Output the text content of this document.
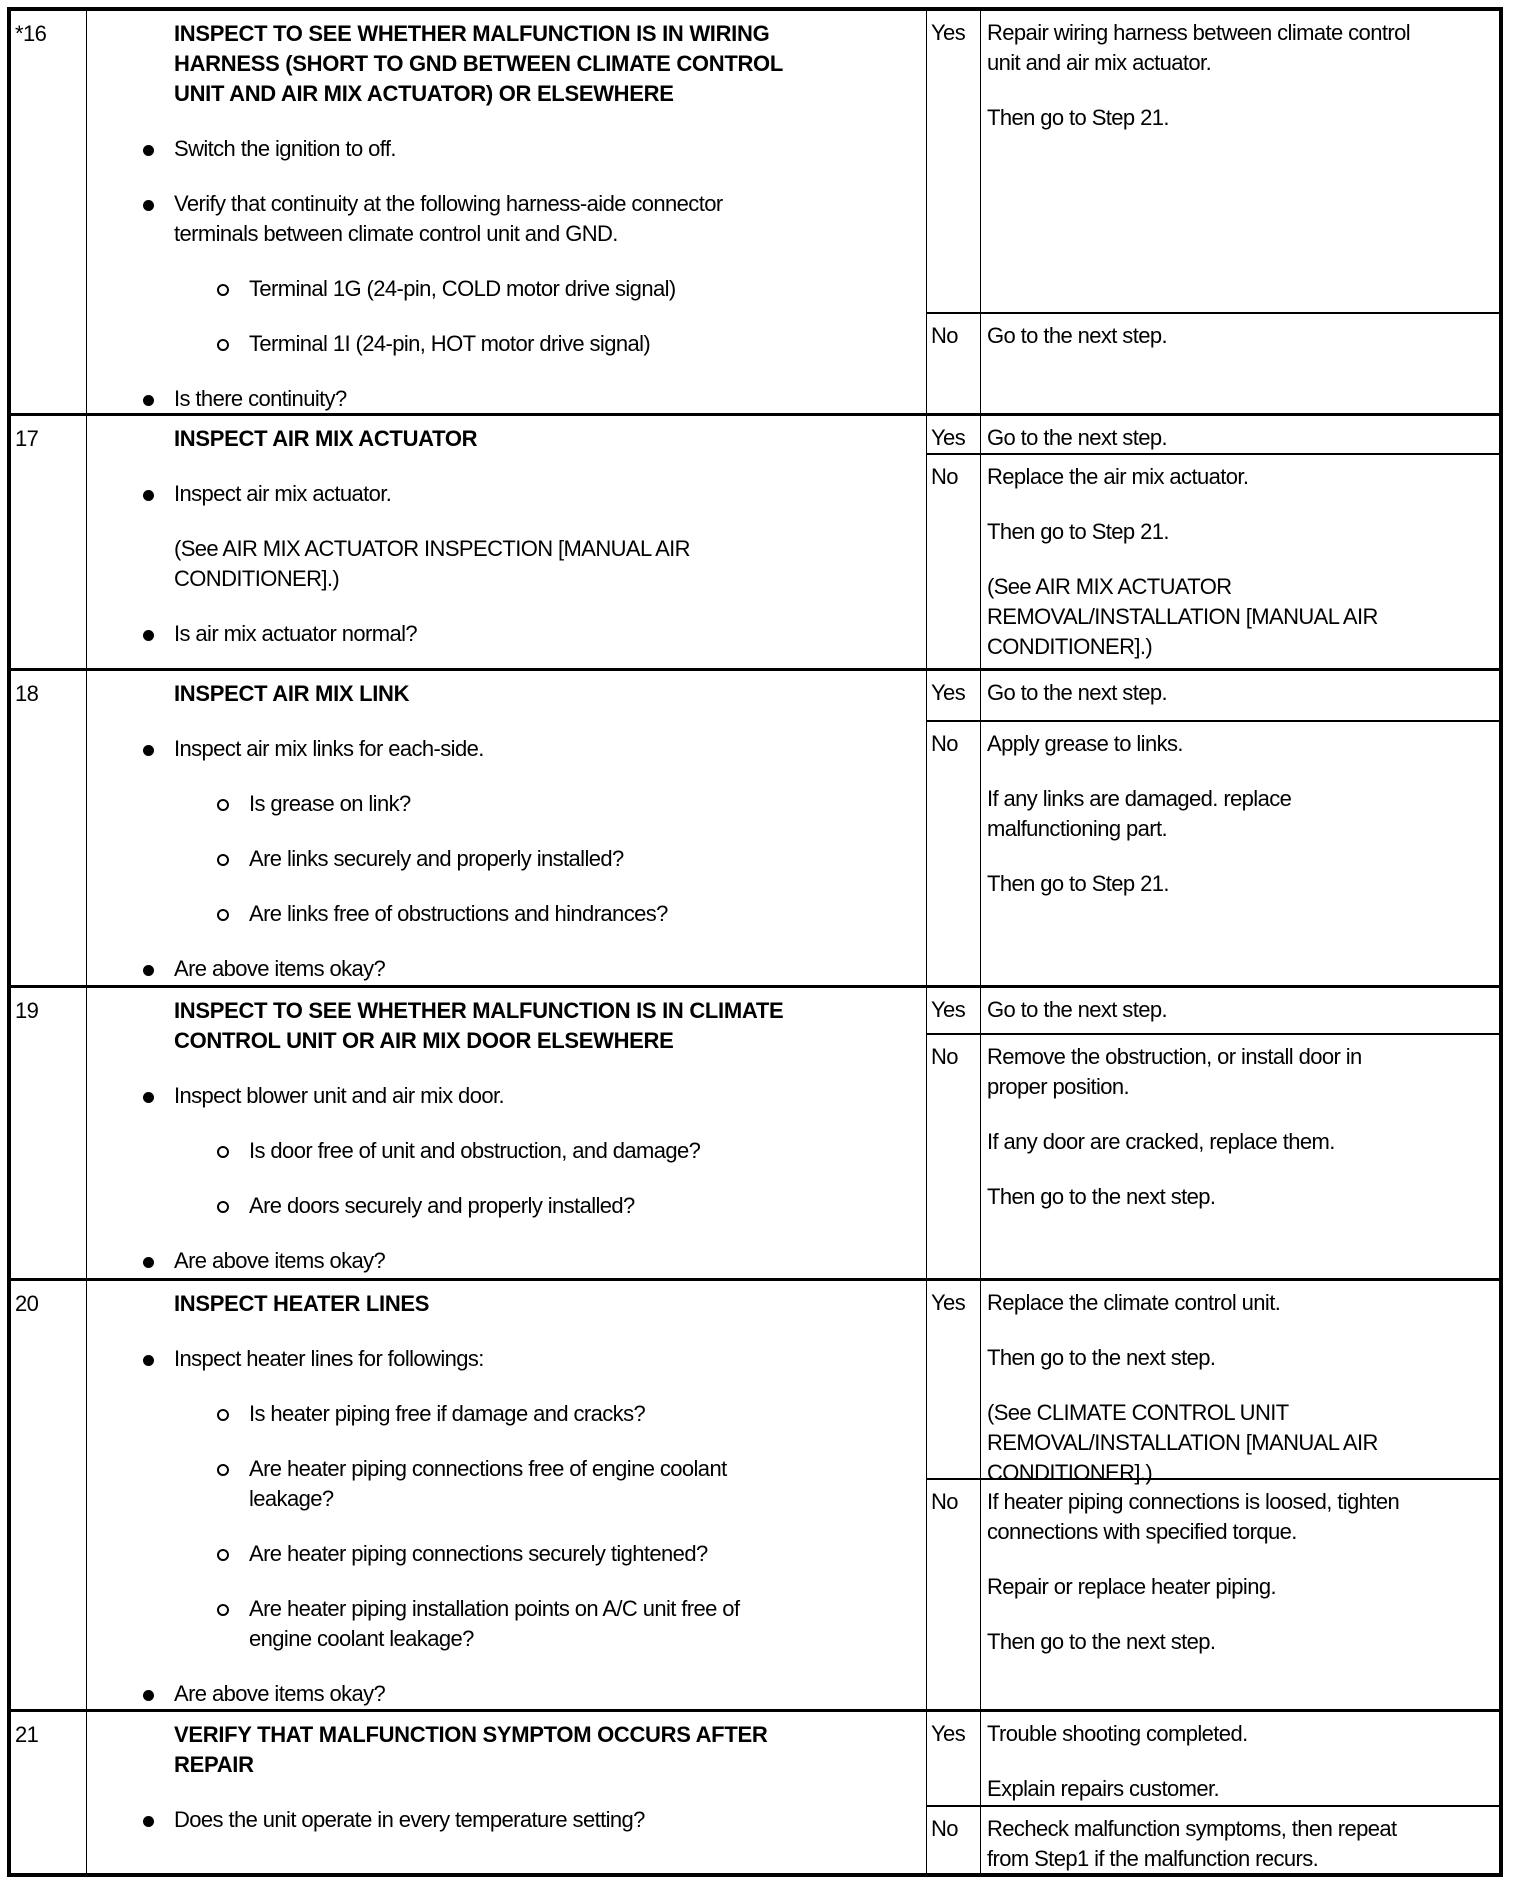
*16	INSPECT TO SEE WHETHER MALFUNCTION IS IN WIRING
HARNESS (SHORT TO GND BETWEEN CLIMATE CONTROL
UNIT AND AIR MIX ACTUATOR) OR ELSEWHERE
Switch the ignition to off.
Verify that continuity at the following harness-aide connector
terminals between climate control unit and GND.
Terminal 1G (24-pin, COLD motor drive signal)
Terminal 1I (24-pin, HOT motor drive signal)
Is there continuity?
Yes Repair wiring harness between climate control
unit and air mix actuator.
Then go to Step 21.
No	Go to the next step.
17	INSPECT AIR MIX ACTUATOR
Inspect air mix actuator.
(See AIR MIX ACTUATOR INSPECTION [MANUAL AIR
CONDITIONER].)
Is air mix actuator normal?
Yes Go to the next step.
No	Replace the air mix actuator.
Then go to Step 21.
(See AIR MIX ACTUATOR
REMOVAL/INSTALLATION [MANUAL AIR
CONDITIONER].)
18	INSPECT AIR MIX LINK
Inspect air mix links for each-side.
Is grease on link?
Are links securely and properly installed?
Are links free of obstructions and hindrances?
Are above items okay?
Yes Go to the next step.
No	Apply grease to links.
If any links are damaged. replace
malfunctioning part.
Then go to Step 21.
19	INSPECT TO SEE WHETHER MALFUNCTION IS IN CLIMATE
CONTROL UNIT OR AIR MIX DOOR ELSEWHERE
Inspect blower unit and air mix door.
Is door free of unit and obstruction, and damage?
Are doors securely and properly installed?
Are above items okay?
Yes Go to the next step.
No	Remove the obstruction, or install door in
proper position.
If any door are cracked, replace them.
Then go to the next step.
20	INSPECT HEATER LINES
Inspect heater lines for followings:
Is heater piping free if damage and cracks?
Are heater piping connections free of engine coolant
leakage?
Are heater piping connections securely tightened?
Are heater piping installation points on A/C unit free of
engine coolant leakage?
Are above items okay?
Yes Replace the climate control unit.
Then go to the next step.
(See CLIMATE CONTROL UNIT
REMOVAL/INSTALLATION [MANUAL AIR
CONDITIONER].)
No	If heater piping connections is loosed, tighten
connections with specified torque.
Repair or replace heater piping.
Then go to the next step.
21	VERIFY THAT MALFUNCTION SYMPTOM OCCURS AFTER
REPAIR
Does the unit operate in every temperature setting?
Yes Trouble shooting completed.
Explain repairs customer.
No	Recheck malfunction symptoms, then repeat
from Step1 if the malfunction recurs.
